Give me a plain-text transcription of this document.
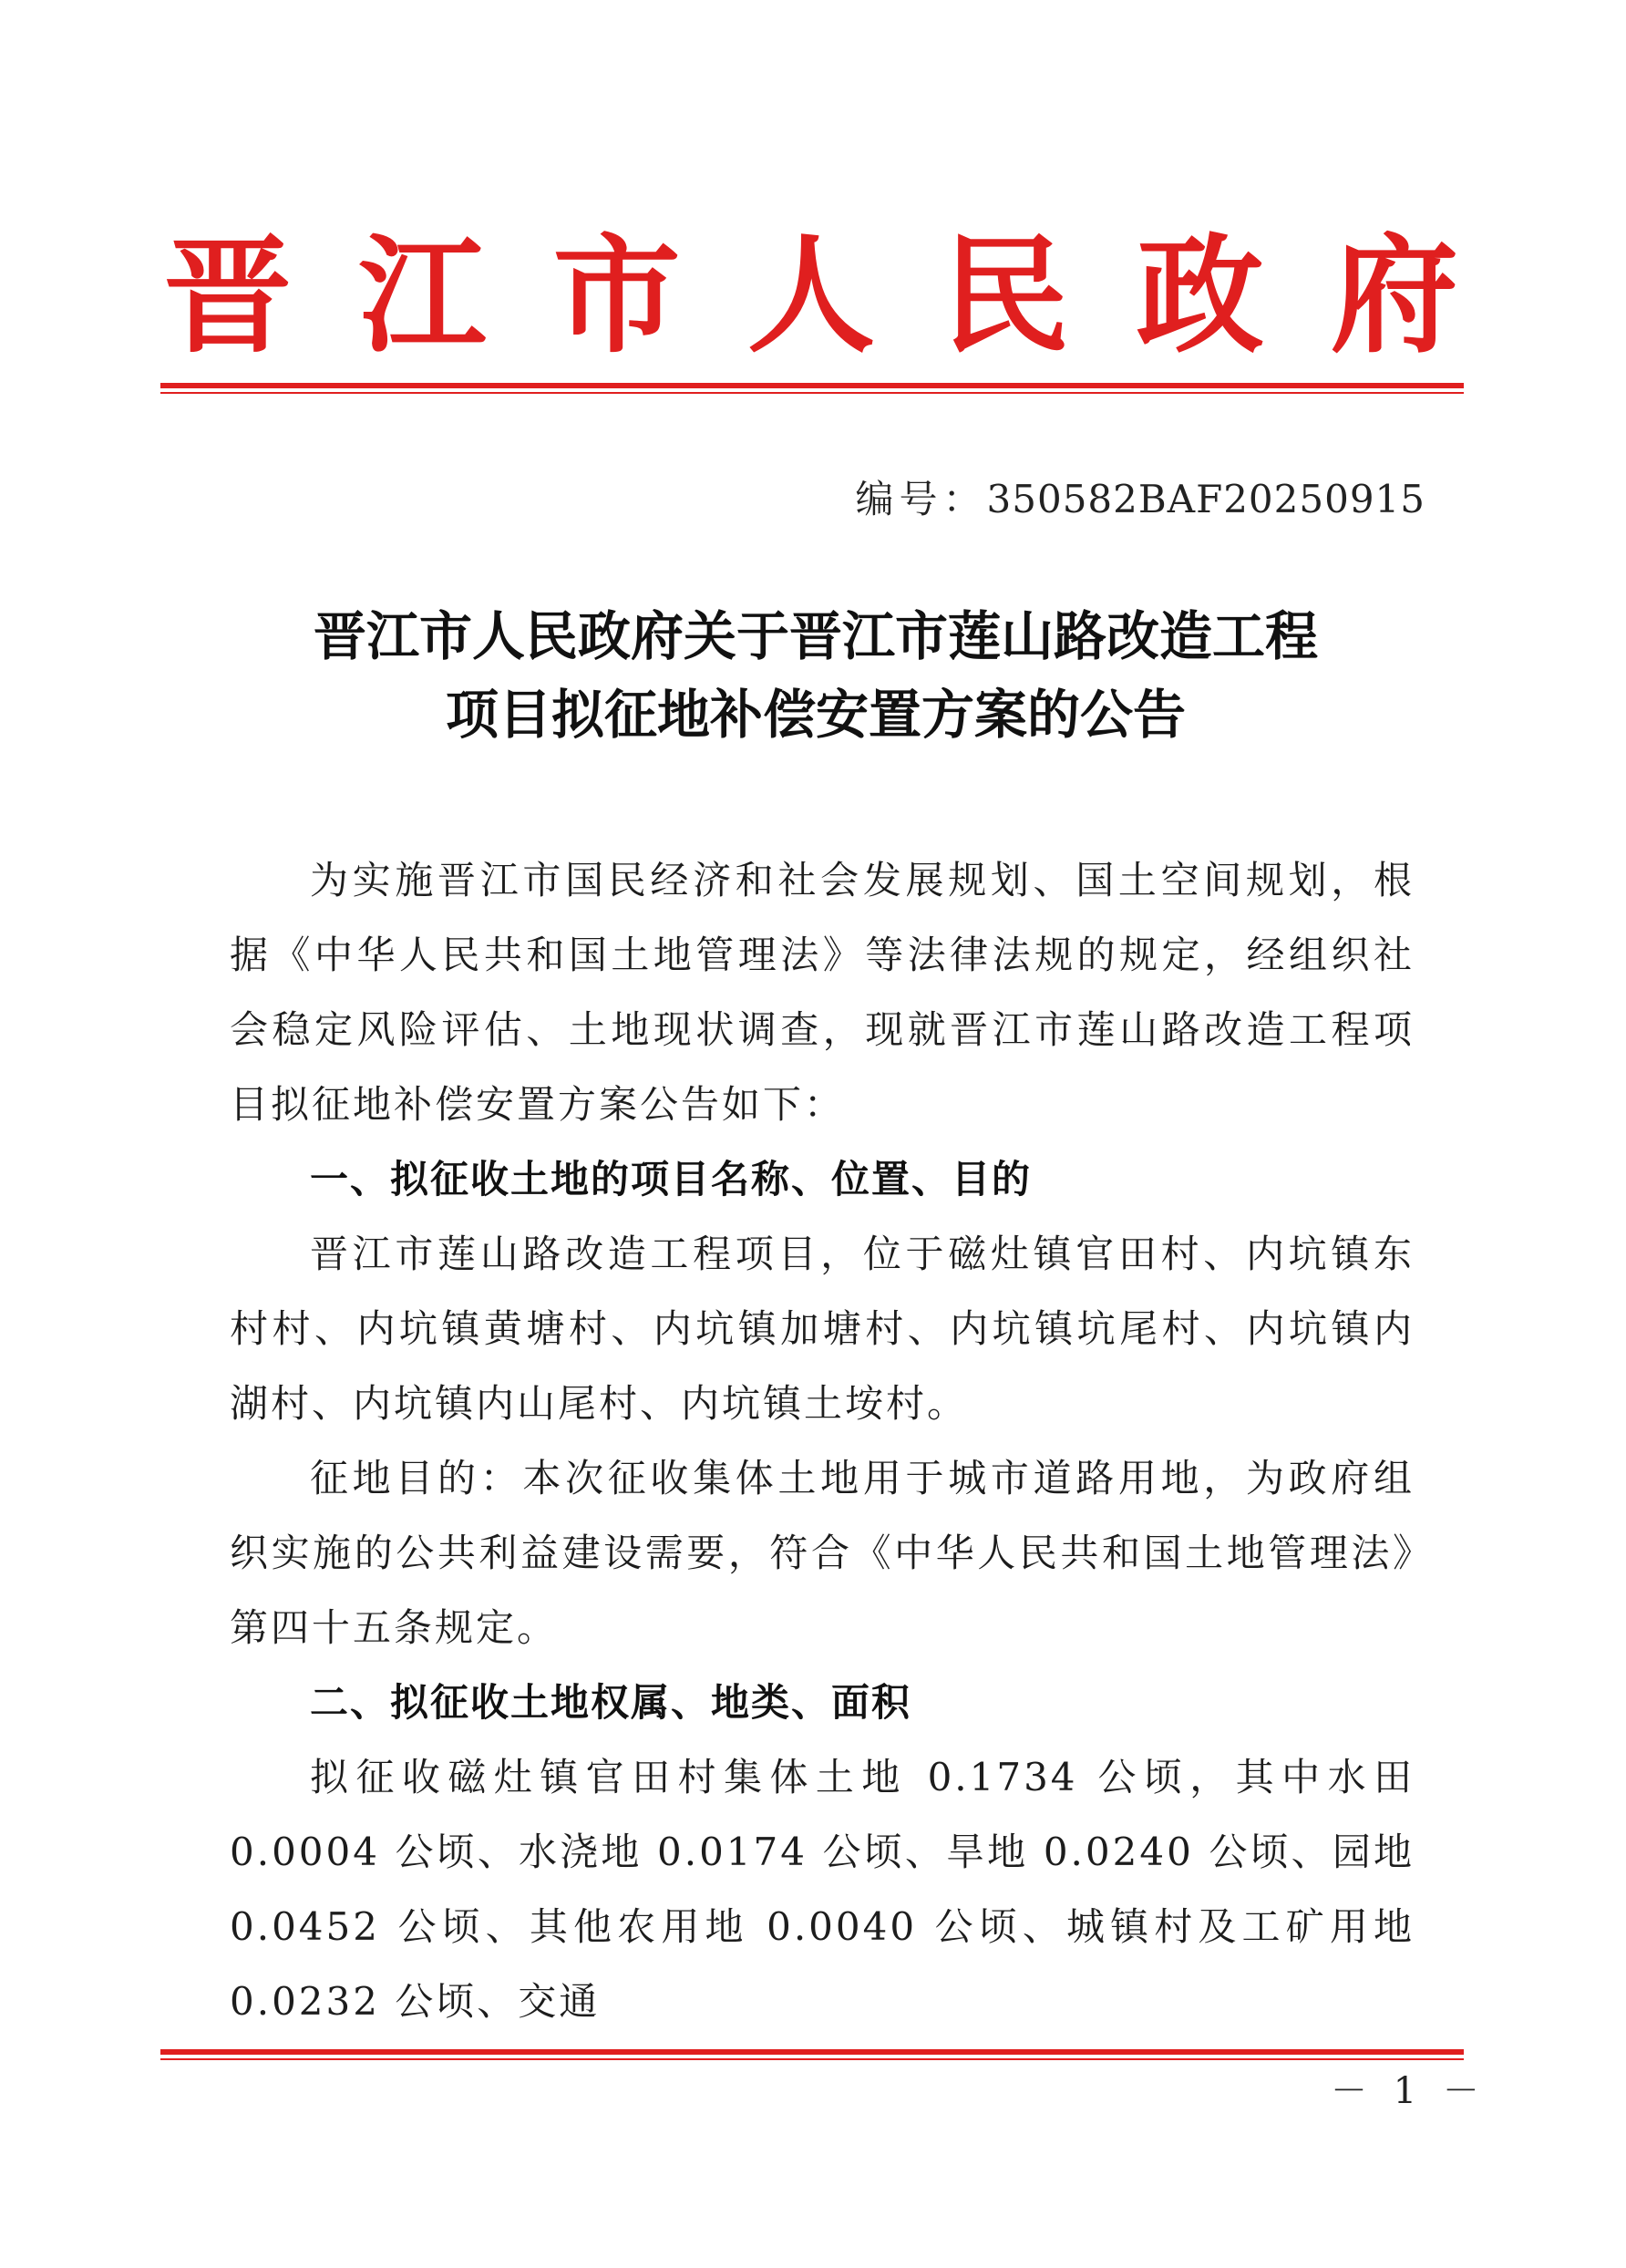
晋 江 市 人 民 政 府
编号：350582BAF20250915
晋江市人民政府关于晋江市莲山路改造工程
项目拟征地补偿安置方案的公告

为实施晋江市国民经济和社会发展规划、国土空间规划，根据《中华人民共和国土地管理法》等法律法规的规定，经组织社会稳定风险评估、土地现状调查，现就晋江市莲山路改造工程项目拟征地补偿安置方案公告如下：

一、拟征收土地的项目名称、位置、目的

晋江市莲山路改造工程项目，位于磁灶镇官田村、内坑镇东村村、内坑镇黄塘村、内坑镇加塘村、内坑镇坑尾村、内坑镇内湖村、内坑镇内山尾村、内坑镇土垵村。

征地目的：本次征收集体土地用于城市道路用地，为政府组织实施的公共利益建设需要，符合《中华人民共和国土地管理法》第四十五条规定。

二、拟征收土地权属、地类、面积

拟征收磁灶镇官田村集体土地 0.1734 公顷，其中水田 0.0004 公顷、水浇地 0.0174 公顷、旱地 0.0240 公顷、园地 0.0452 公顷、其他农用地 0.0040 公顷、城镇村及工矿用地 0.0232 公顷、交通

－ 1 －
